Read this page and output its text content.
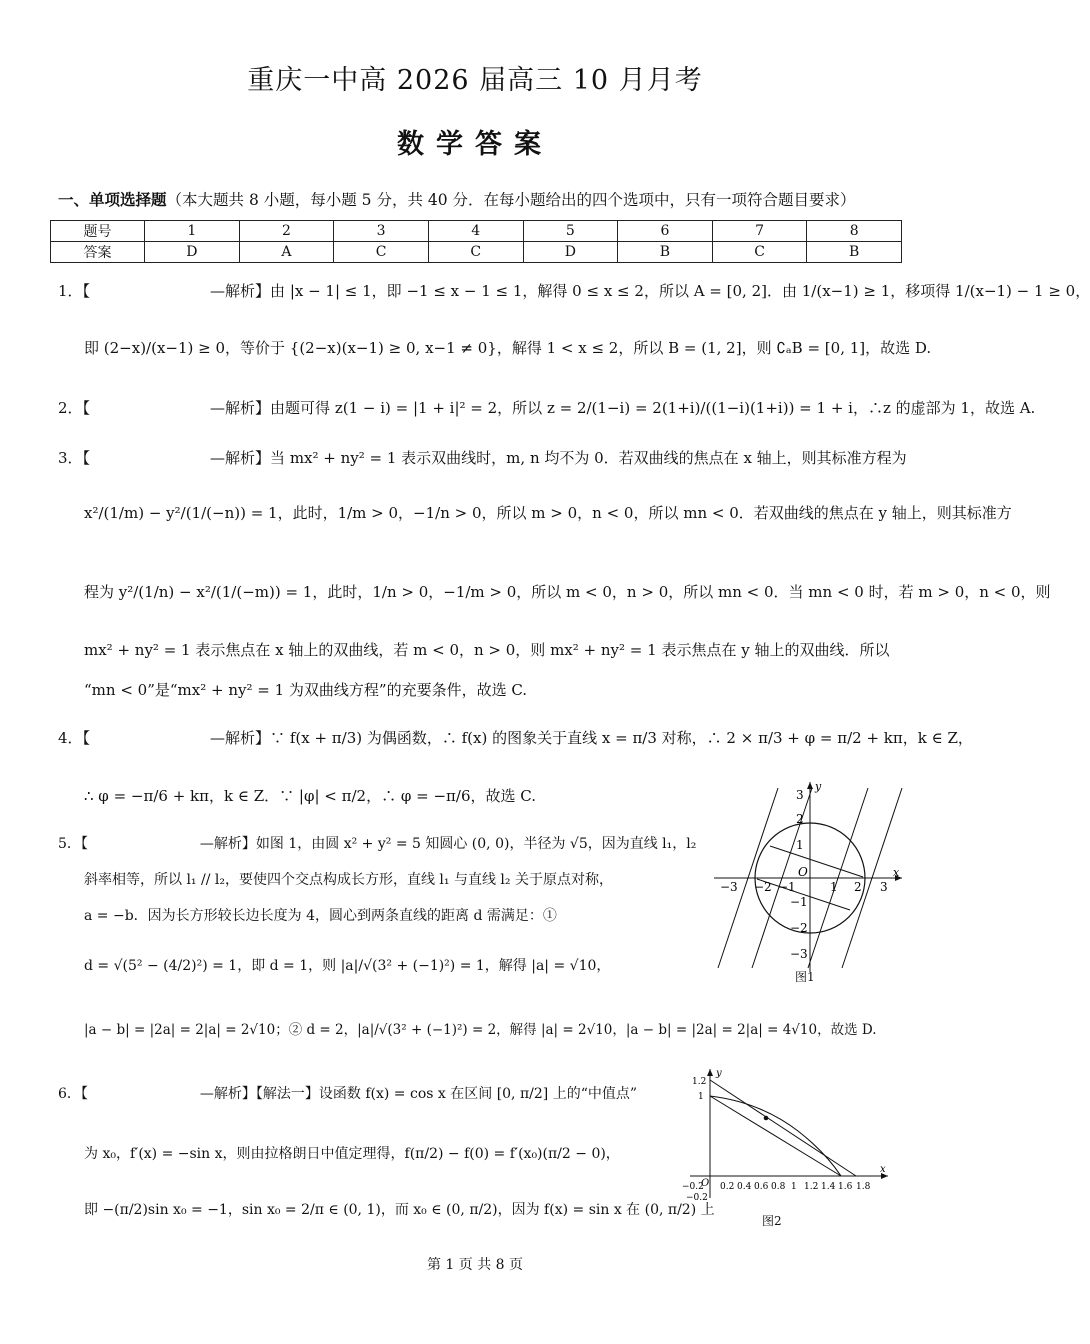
重庆一中高 2026 届高三 10 月月考
数学答案
一、单项选择题（本大题共 8 小题，每小题 5 分，共 40 分．在每小题给出的四个选项中，只有一项符合题目要求）
题号	1	2	3	4	5	6	7	8
答案	D	A	C	C	D	B	C	B
1．【　　　　　　　　—解析】由 |x − 1| ≤ 1，即 −1 ≤ x − 1 ≤ 1，解得 0 ≤ x ≤ 2，所以 A = [0, 2]．由 1/(x−1) ≥ 1，移项得 1/(x−1) − 1 ≥ 0，
即 (2−x)/(x−1) ≥ 0，等价于 {(2−x)(x−1) ≥ 0, x−1 ≠ 0}，解得 1 < x ≤ 2，所以 B = (1, 2]，则 ∁ₐB = [0, 1]，故选 D.
2．【　　　　　　　　—解析】由题可得 z(1 − i) = |1 + i|² = 2，所以 z = 2/(1−i) = 2(1+i)/((1−i)(1+i)) = 1 + i，∴z 的虚部为 1，故选 A.
3．【　　　　　　　　—解析】当 mx² + ny² = 1 表示双曲线时，m, n 均不为 0．若双曲线的焦点在 x 轴上，则其标准方程为
x²/(1/m) − y²/(1/(−n)) = 1，此时，1/m > 0，−1/n > 0，所以 m > 0，n < 0，所以 mn < 0．若双曲线的焦点在 y 轴上，则其标准方
程为 y²/(1/n) − x²/(1/(−m)) = 1，此时，1/n > 0，−1/m > 0，所以 m < 0，n > 0，所以 mn < 0．当 mn < 0 时，若 m > 0，n < 0，则
mx² + ny² = 1 表示焦点在 x 轴上的双曲线，若 m < 0，n > 0，则 mx² + ny² = 1 表示焦点在 y 轴上的双曲线．所以
“mn < 0”是“mx² + ny² = 1 为双曲线方程”的充要条件，故选 C.
4．【　　　　　　　　—解析】∵ f(x + π/3) 为偶函数，∴ f(x) 的图象关于直线 x = π/3 对称，∴ 2 × π/3 + φ = π/2 + kπ，k ∈ Z，
∴ φ = −π/6 + kπ，k ∈ Z．∵ |φ| < π/2，∴ φ = −π/6，故选 C.
5．【　　　　　　　　—解析】如图 1，由圆 x² + y² = 5 知圆心 (0, 0)，半径为 √5，因为直线 l₁，l₂
斜率相等，所以 l₁ // l₂，要使四个交点构成长方形，直线 l₁ 与直线 l₂ 关于原点对称，
a = −b．因为长方形较长边长度为 4，圆心到两条直线的距离 d 需满足：①
d = √(5² − (4/2)²) = 1，即 d = 1，则 |a|/√(3² + (−1)²) = 1，解得 |a| = √10，
|a − b| = |2a| = 2|a| = 2√10；② d = 2，|a|/√(3² + (−1)²) = 2，解得 |a| = 2√10，|a − b| = |2a| = 2|a| = 4√10，故选 D.
6．【　　　　　　　　—解析】【解法一】设函数 f(x) = cos x 在区间 [0, π/2] 上的“中值点”
为 x₀，f′(x) = −sin x，则由拉格朗日中值定理得，f(π/2) − f(0) = f′(x₀)(π/2 − 0)，
即 −(π/2)sin x₀ = −1，sin x₀ = 2/π ∈ (0, 1)，而 x₀ ∈ (0, π/2)，因为 f(x) = sin x 在 (0, π/2) 上
y
x
O
−3 −2 −1	1 2 3
3
2
1
−1
−2
−3
图1
y
x
O
−0.2 0.2 0.4 0.6 0.8 1 1.2 1.4 1.6 1.8
1.2
1
−0.2
图2
第 1 页 共 8 页
